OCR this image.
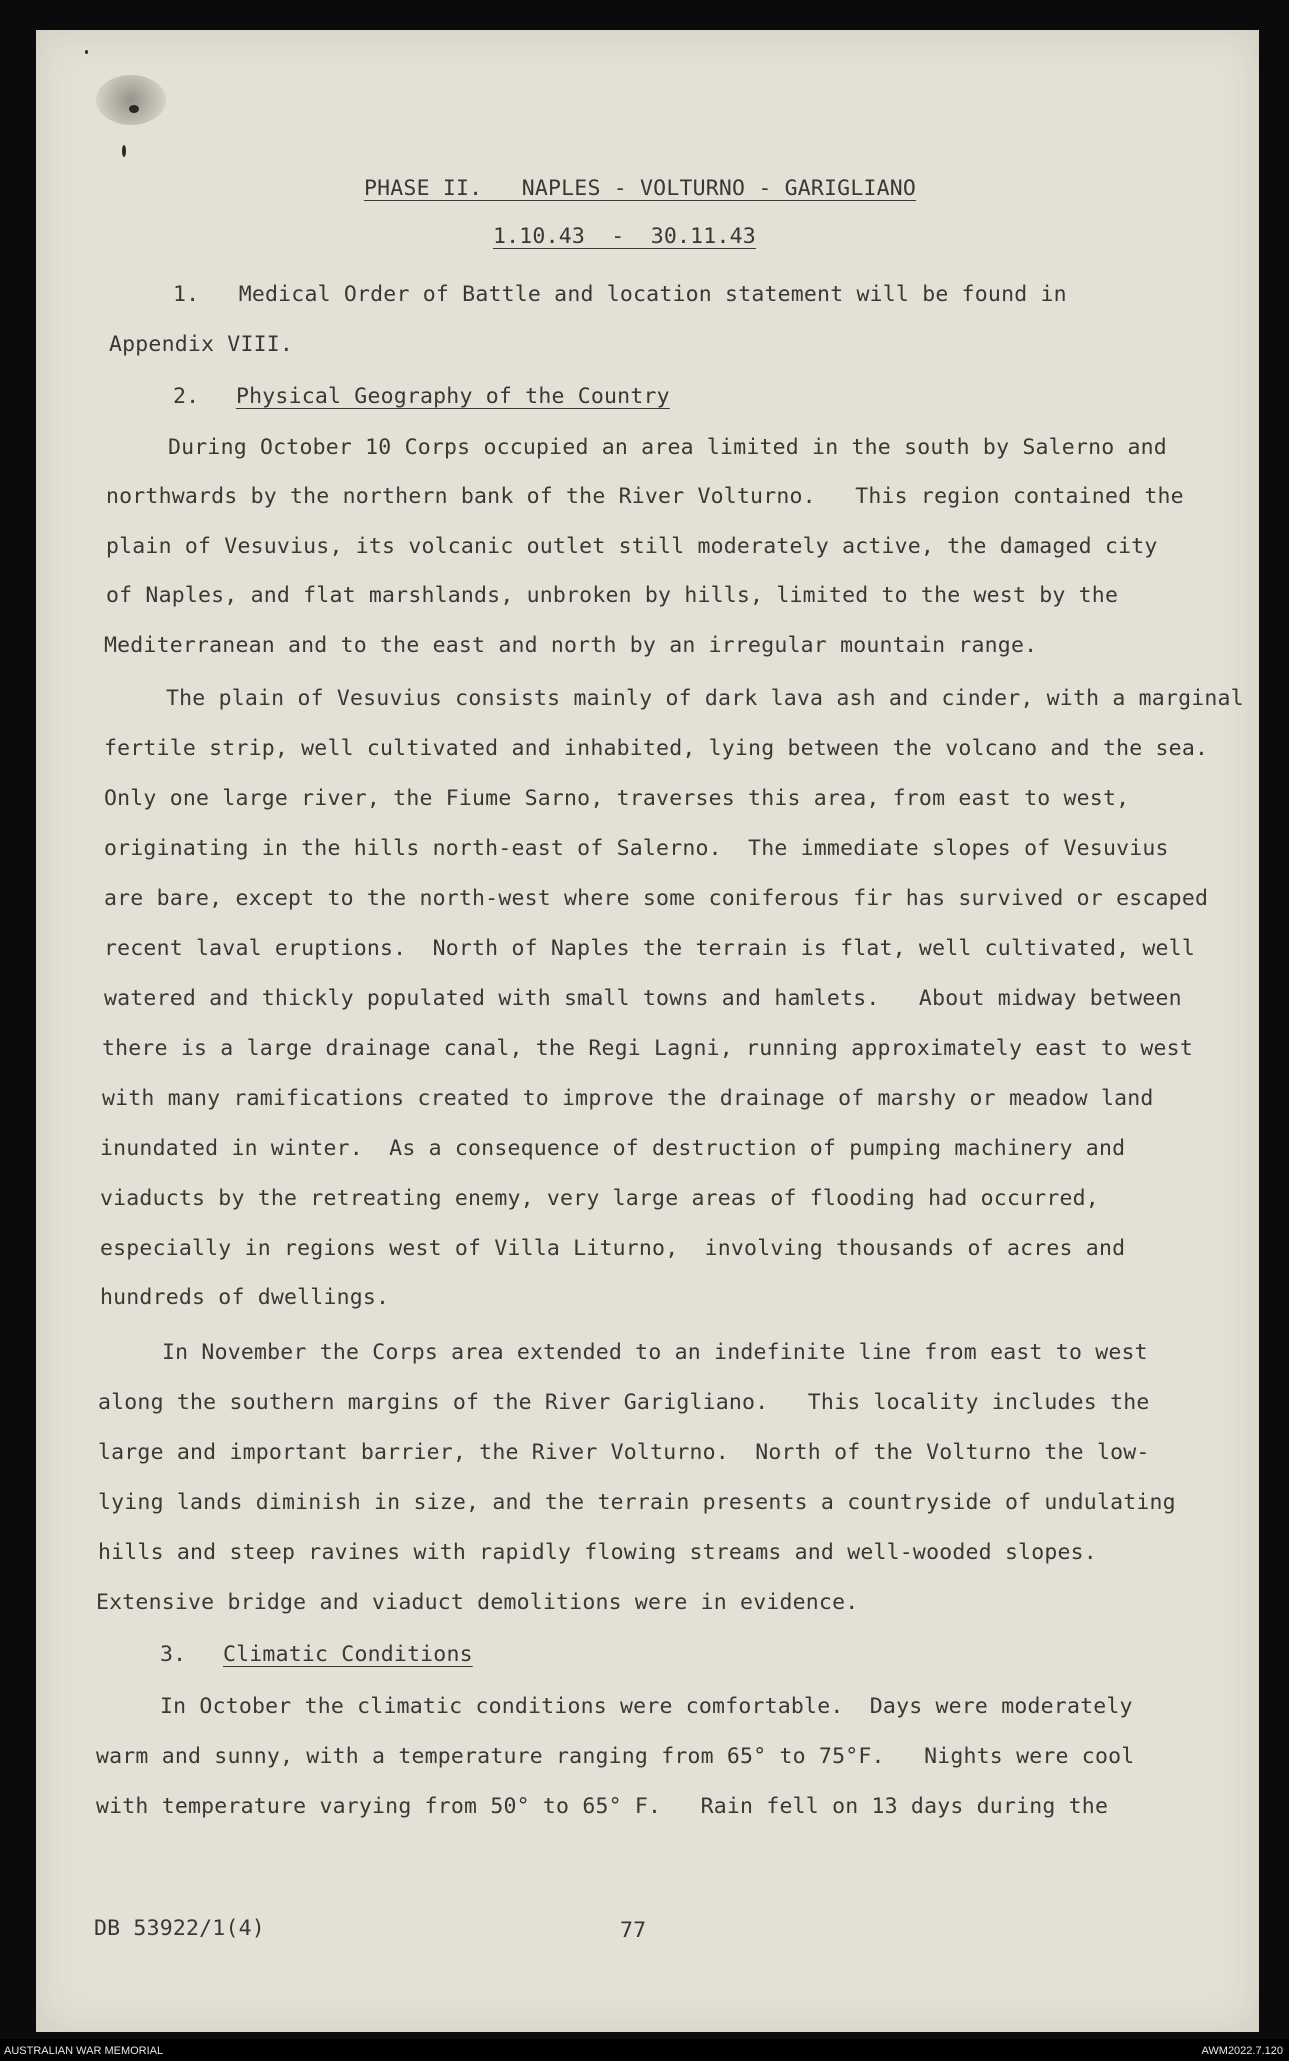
PHASE II.   NAPLES - VOLTURNO - GARIGLIANO
1.10.43  -  30.11.43
1.   Medical Order of Battle and location statement will be found in
Appendix VIII.
2. Physical Geography of the Country
During October 10 Corps occupied an area limited in the south by Salerno and
northwards by the northern bank of the River Volturno.   This region contained the
plain of Vesuvius, its volcanic outlet still moderately active, the damaged city
of Naples, and flat marshlands, unbroken by hills, limited to the west by the
Mediterranean and to the east and north by an irregular mountain range.
The plain of Vesuvius consists mainly of dark lava ash and cinder, with a marginal
fertile strip, well cultivated and inhabited, lying between the volcano and the sea.
Only one large river, the Fiume Sarno, traverses this area, from east to west,
originating in the hills north-east of Salerno.  The immediate slopes of Vesuvius
are bare, except to the north-west where some coniferous fir has survived or escaped
recent laval eruptions.  North of Naples the terrain is flat, well cultivated, well
watered and thickly populated with small towns and hamlets.   About midway between
there is a large drainage canal, the Regi Lagni, running approximately east to west
with many ramifications created to improve the drainage of marshy or meadow land
inundated in winter.  As a consequence of destruction of pumping machinery and
viaducts by the retreating enemy, very large areas of flooding had occurred,
especially in regions west of Villa Liturno,  involving thousands of acres and
hundreds of dwellings.
In November the Corps area extended to an indefinite line from east to west
along the southern margins of the River Garigliano.   This locality includes the
large and important barrier, the River Volturno.  North of the Volturno the low-
lying lands diminish in size, and the terrain presents a countryside of undulating
hills and steep ravines with rapidly flowing streams and well-wooded slopes.
Extensive bridge and viaduct demolitions were in evidence.
3. Climatic Conditions
In October the climatic conditions were comfortable.  Days were moderately
warm and sunny, with a temperature ranging from 65° to 75°F.   Nights were cool
with temperature varying from 50° to 65° F.   Rain fell on 13 days during the
DB 53922/1(4)	77
AUSTRALIAN WAR MEMORIAL	AWM2022.7.120
